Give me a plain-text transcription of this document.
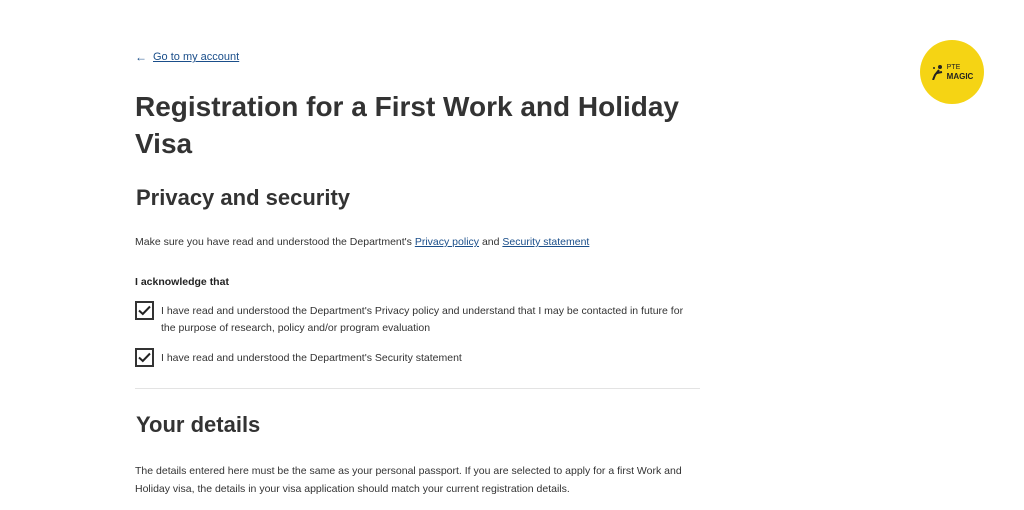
← Go to my account
Registration for a First Work and Holiday Visa
Privacy and security
Make sure you have read and understood the Department's Privacy policy and Security statement
I acknowledge that
I have read and understood the Department's Privacy policy and understand that I may be contacted in future for the purpose of research, policy and/or program evaluation
I have read and understood the Department's Security statement
Your details
The details entered here must be the same as your personal passport. If you are selected to apply for a first Work and Holiday visa, the details in your visa application should match your current registration details.
PTE
MAGIC
